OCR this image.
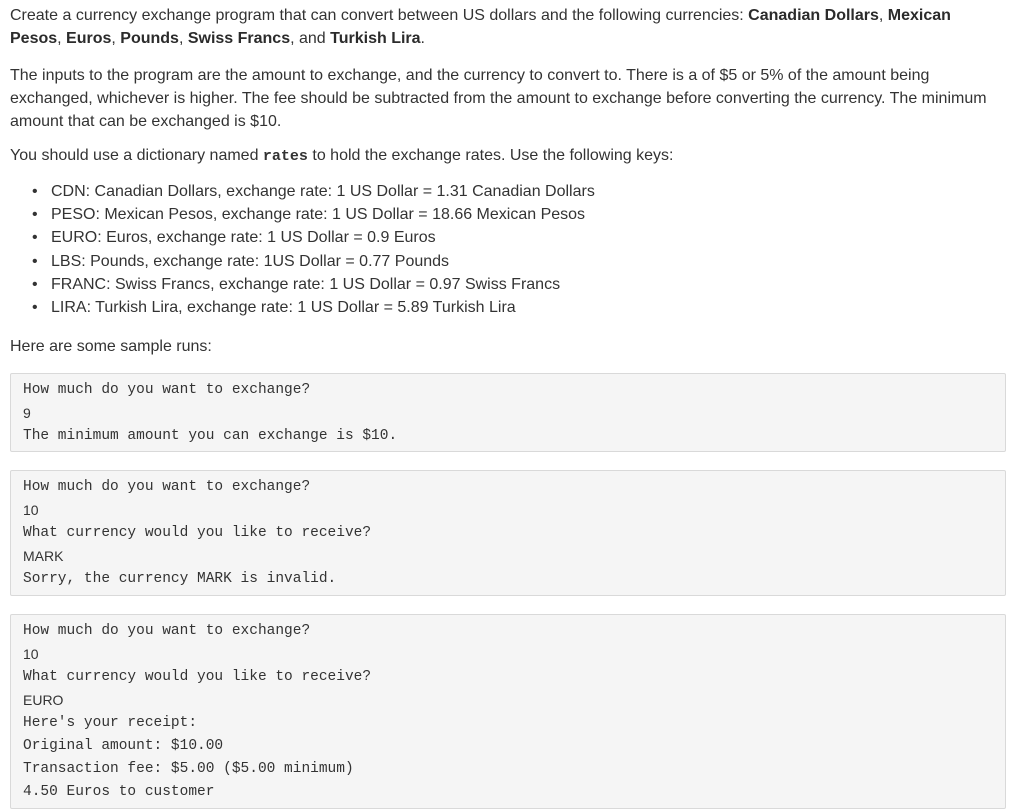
Create a currency exchange program that can convert between US dollars and the following currencies: Canadian Dollars, Mexican Pesos, Euros, Pounds, Swiss Francs, and Turkish Lira.

The inputs to the program are the amount to exchange, and the currency to convert to. There is a of $5 or 5% of the amount being exchanged, whichever is higher. The fee should be subtracted from the amount to exchange before converting the currency. The minimum amount that can be exchanged is $10.

You should use a dictionary named rates to hold the exchange rates. Use the following keys:

• CDN: Canadian Dollars, exchange rate: 1 US Dollar = 1.31 Canadian Dollars
• PESO: Mexican Pesos, exchange rate: 1 US Dollar = 18.66 Mexican Pesos
• EURO: Euros, exchange rate: 1 US Dollar = 0.9 Euros
• LBS: Pounds, exchange rate: 1US Dollar = 0.77 Pounds
• FRANC: Swiss Francs, exchange rate: 1 US Dollar = 0.97 Swiss Francs
• LIRA: Turkish Lira, exchange rate: 1 US Dollar = 5.89 Turkish Lira

Here are some sample runs:

How much do you want to exchange?
9
The minimum amount you can exchange is $10.
How much do you want to exchange?
10
What currency would you like to receive?
MARK
Sorry, the currency MARK is invalid.
How much do you want to exchange?
10
What currency would you like to receive?
EURO
Here's your receipt:
Original amount: $10.00
Transaction fee: $5.00 ($5.00 minimum)
4.50 Euros to customer
